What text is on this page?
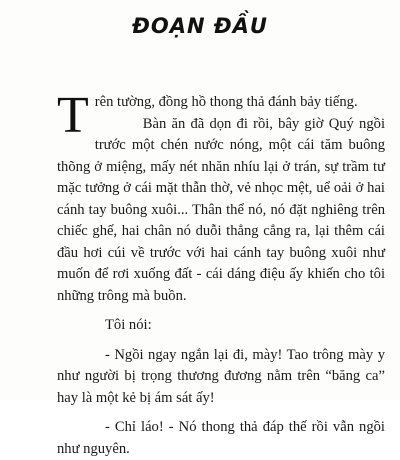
ĐOẠN ĐẦU

Trên tường, đồng hồ thong thả đánh bảy tiếng.

Bàn ăn đã dọn đi rồi, bây giờ Quý ngồi trước một chén nước nóng, một cái tăm buông thõng ở miệng, mấy nét nhăn nhíu lại ở trán, sự trầm tư mặc tưởng ở cái mặt thẫn thờ, vẻ nhọc mệt, uể oải ở hai cánh tay buông xuôi... Thân thể nó, nó đặt nghiêng trên chiếc ghế, hai chân nó duỗi thẳng cẳng ra, lại thêm cái đầu hơi cúi về trước với hai cánh tay buông xuôi như muốn để rơi xuống đất - cái dáng điệu ấy khiến cho tôi những trông mà buồn.

Tôi nói:

- Ngồi ngay ngắn lại đi, mày! Tao trông mày y như người bị trọng thương đương nằm trên “băng ca” hay là một kẻ bị ám sát ấy!

- Chỉ láo! - Nó thong thả đáp thế rồi vẫn ngồi như nguyên.
